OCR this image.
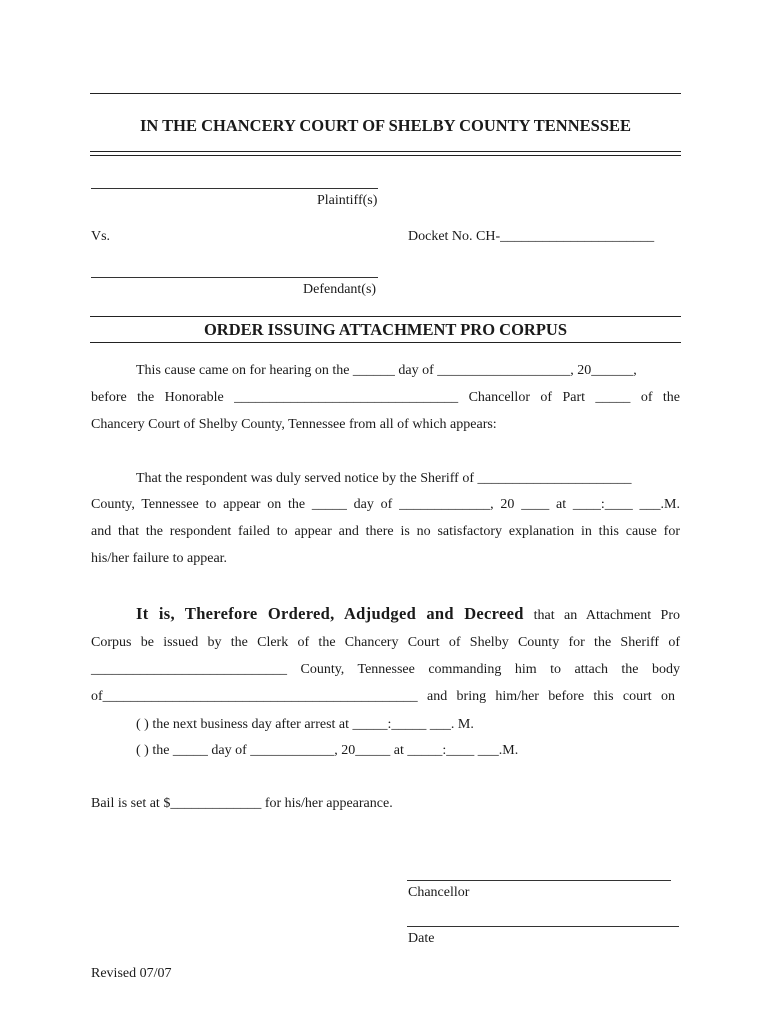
IN THE CHANCERY COURT OF SHELBY COUNTY TENNESSEE
Plaintiff(s)
Vs.	Docket No. CH-______________________
Defendant(s)
ORDER ISSUING ATTACHMENT PRO CORPUS
This cause came on for hearing on the ______ day of ___________________, 20______,
before the Honorable ________________________________ Chancellor of Part _____ of the
Chancery Court of Shelby County, Tennessee from all of which appears:
That the respondent was duly served notice by the Sheriff of ______________________
County, Tennessee to appear on the _____ day of _____________, 20 ____ at ____:____ ___.M.
and that the respondent failed to appear and there is no satisfactory explanation in this cause for
his/her failure to appear.
It is, Therefore Ordered, Adjudged and Decreed that an Attachment Pro
Corpus be issued by the Clerk of the Chancery Court of Shelby County for the Sheriff of
____________________________ County, Tennessee commanding him to attach the body
of_____________________________________________ and bring him/her before this court on
( ) the next business day after arrest at _____:_____ ___. M.
( ) the _____ day of ____________, 20_____ at _____:____ ___.M.
Bail is set at $_____________ for his/her appearance.
Chancellor
Date
Revised 07/07
